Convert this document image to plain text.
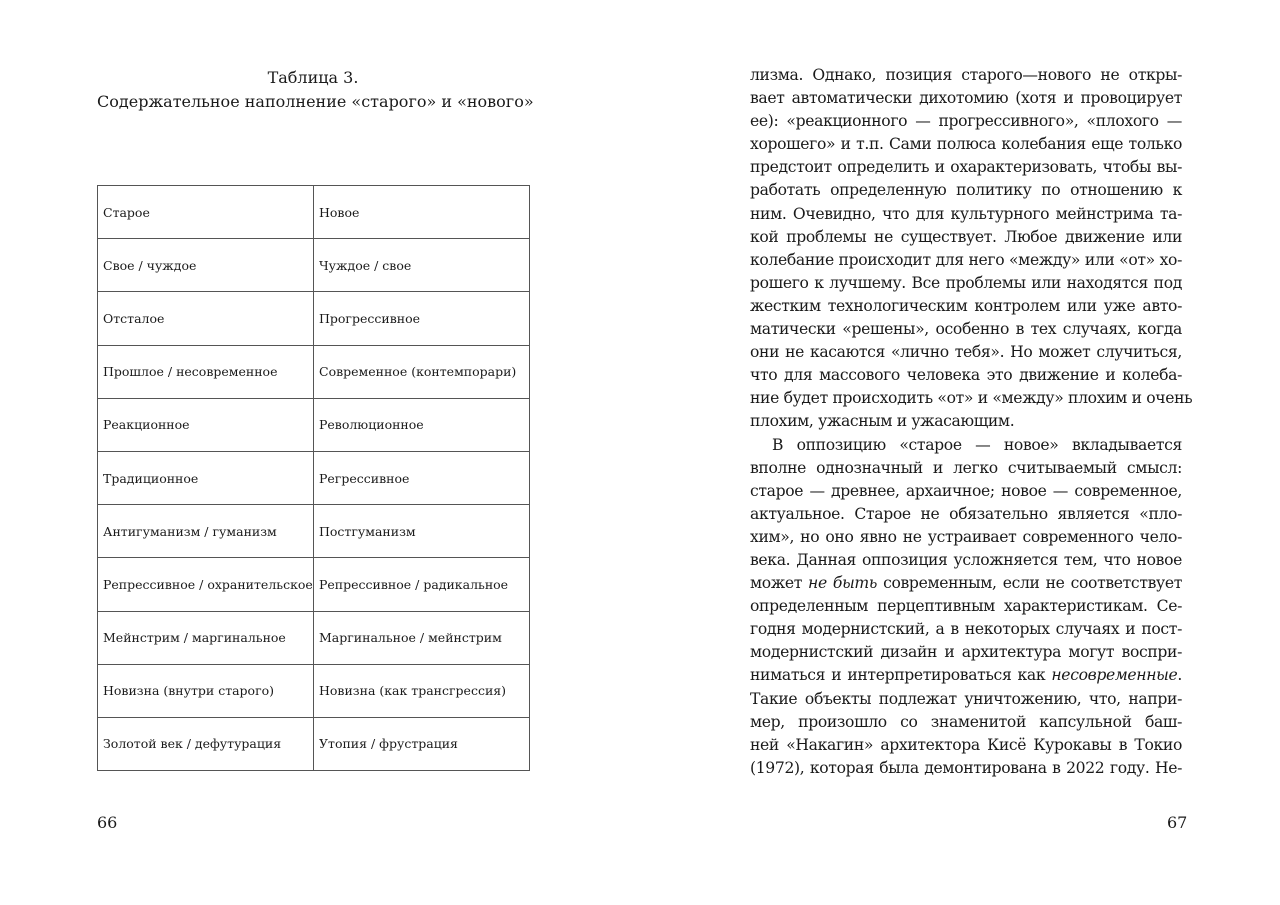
Таблица 3.
Содержательное наполнение «старого» и «нового»
Старое	Новое
Свое / чуждое	Чуждое / свое
Отсталое	Прогрессивное
Прошлое / несовременное	Современное (контемпорари)
Реакционное	Революционное
Традиционное	Регрессивное
Антигуманизм / гуманизм	Постгуманизм
Репрессивное / охранительское	Репрессивное / радикальное
Мейнстрим / маргинальное	Маргинальное / мейнстрим
Новизна (внутри старого)	Новизна (как трансгрессия)
Золотой век / дефутурация	Утопия / фрустрация
66
лизма. Однако, позиция старого—нового не откры-
вает автоматически дихотомию (хотя и провоцирует
ее): «реакционного — прогрессивного», «плохого —
хорошего» и т.п. Сами полюса колебания еще только
предстоит определить и охарактеризовать, чтобы вы-
работать определенную политику по отношению к
ним. Очевидно, что для культурного мейнстрима та-
кой проблемы не существует. Любое движение или
колебание происходит для него «между» или «от» хо-
рошего к лучшему. Все проблемы или находятся под
жестким технологическим контролем или уже авто-
матически «решены», особенно в тех случаях, когда
они не касаются «лично тебя». Но может случиться,
что для массового человека это движение и колеба-
ние будет происходить «от» и «между» плохим и очень
плохим, ужасным и ужасающим.
В оппозицию «старое — новое» вкладывается
вполне однозначный и легко считываемый смысл:
старое — древнее, архаичное; новое — современное,
актуальное. Старое не обязательно является «пло-
хим», но оно явно не устраивает современного чело-
века. Данная оппозиция усложняется тем, что новое
может не быть современным, если не соответствует
определенным перцептивным характеристикам. Се-
годня модернистский, а в некоторых случаях и пост-
модернистский дизайн и архитектура могут воспри-
ниматься и интерпретироваться как несовременные.
Такие объекты подлежат уничтожению, что, напри-
мер, произошло со знаменитой капсульной баш-
ней «Накагин» архитектора Кисё Курокавы в Токио
(1972), которая была демонтирована в 2022 году. Не-
67
